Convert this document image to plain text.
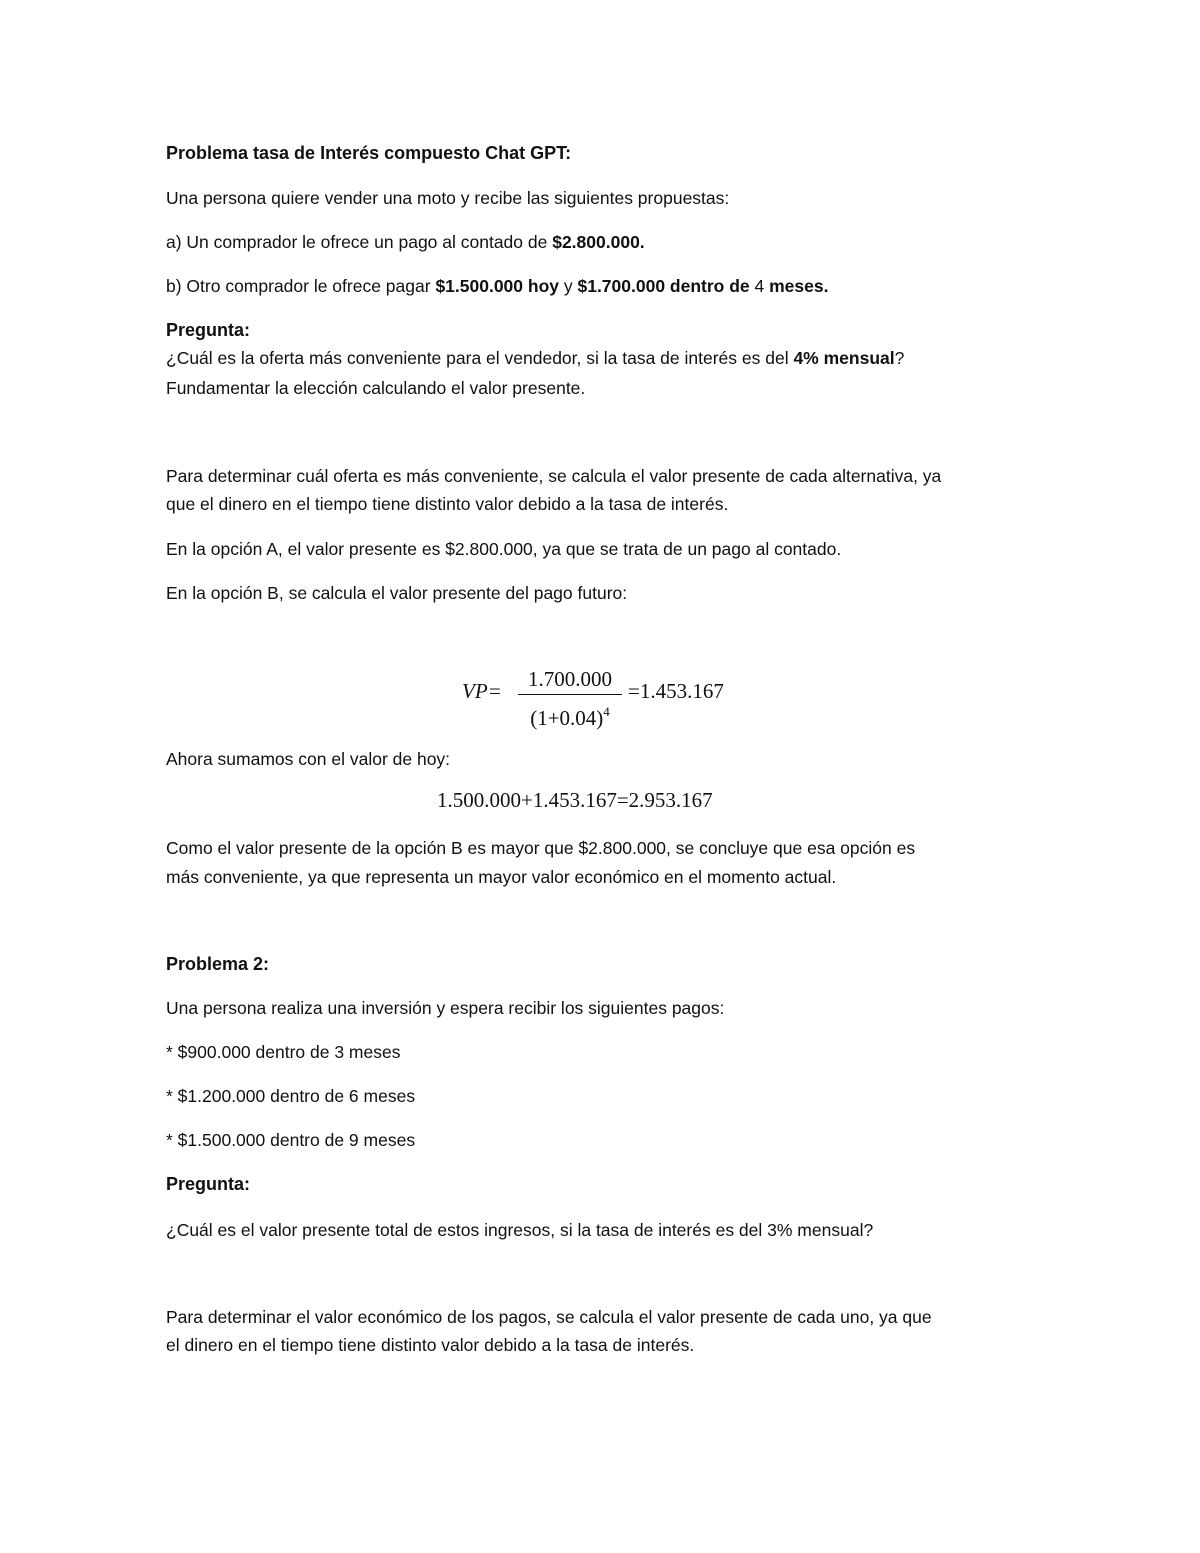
Problema tasa de Interés compuesto Chat GPT:
Una persona quiere vender una moto y recibe las siguientes propuestas:
a) Un comprador le ofrece un pago al contado de $2.800.000.
b) Otro comprador le ofrece pagar $1.500.000 hoy y $1.700.000 dentro de 4 meses.
Pregunta:
¿Cuál es la oferta más conveniente para el vendedor, si la tasa de interés es del 4% mensual?
Fundamentar la elección calculando el valor presente.
Para determinar cuál oferta es más conveniente, se calcula el valor presente de cada alternativa, ya
que el dinero en el tiempo tiene distinto valor debido a la tasa de interés.
En la opción A, el valor presente es $2.800.000, ya que se trata de un pago al contado.
En la opción B, se calcula el valor presente del pago futuro:
VP=	1.700.000
$(1+0.04)^4$
=1.453.167
Ahora sumamos con el valor de hoy:
1.500.000+1.453.167=2.953.167
Como el valor presente de la opción B es mayor que $2.800.000, se concluye que esa opción es
más conveniente, ya que representa un mayor valor económico en el momento actual.
Problema 2:
Una persona realiza una inversión y espera recibir los siguientes pagos:
* $900.000 dentro de 3 meses
* $1.200.000 dentro de 6 meses
* $1.500.000 dentro de 9 meses
Pregunta:
¿Cuál es el valor presente total de estos ingresos, si la tasa de interés es del 3% mensual?
Para determinar el valor económico de los pagos, se calcula el valor presente de cada uno, ya que
el dinero en el tiempo tiene distinto valor debido a la tasa de interés.
